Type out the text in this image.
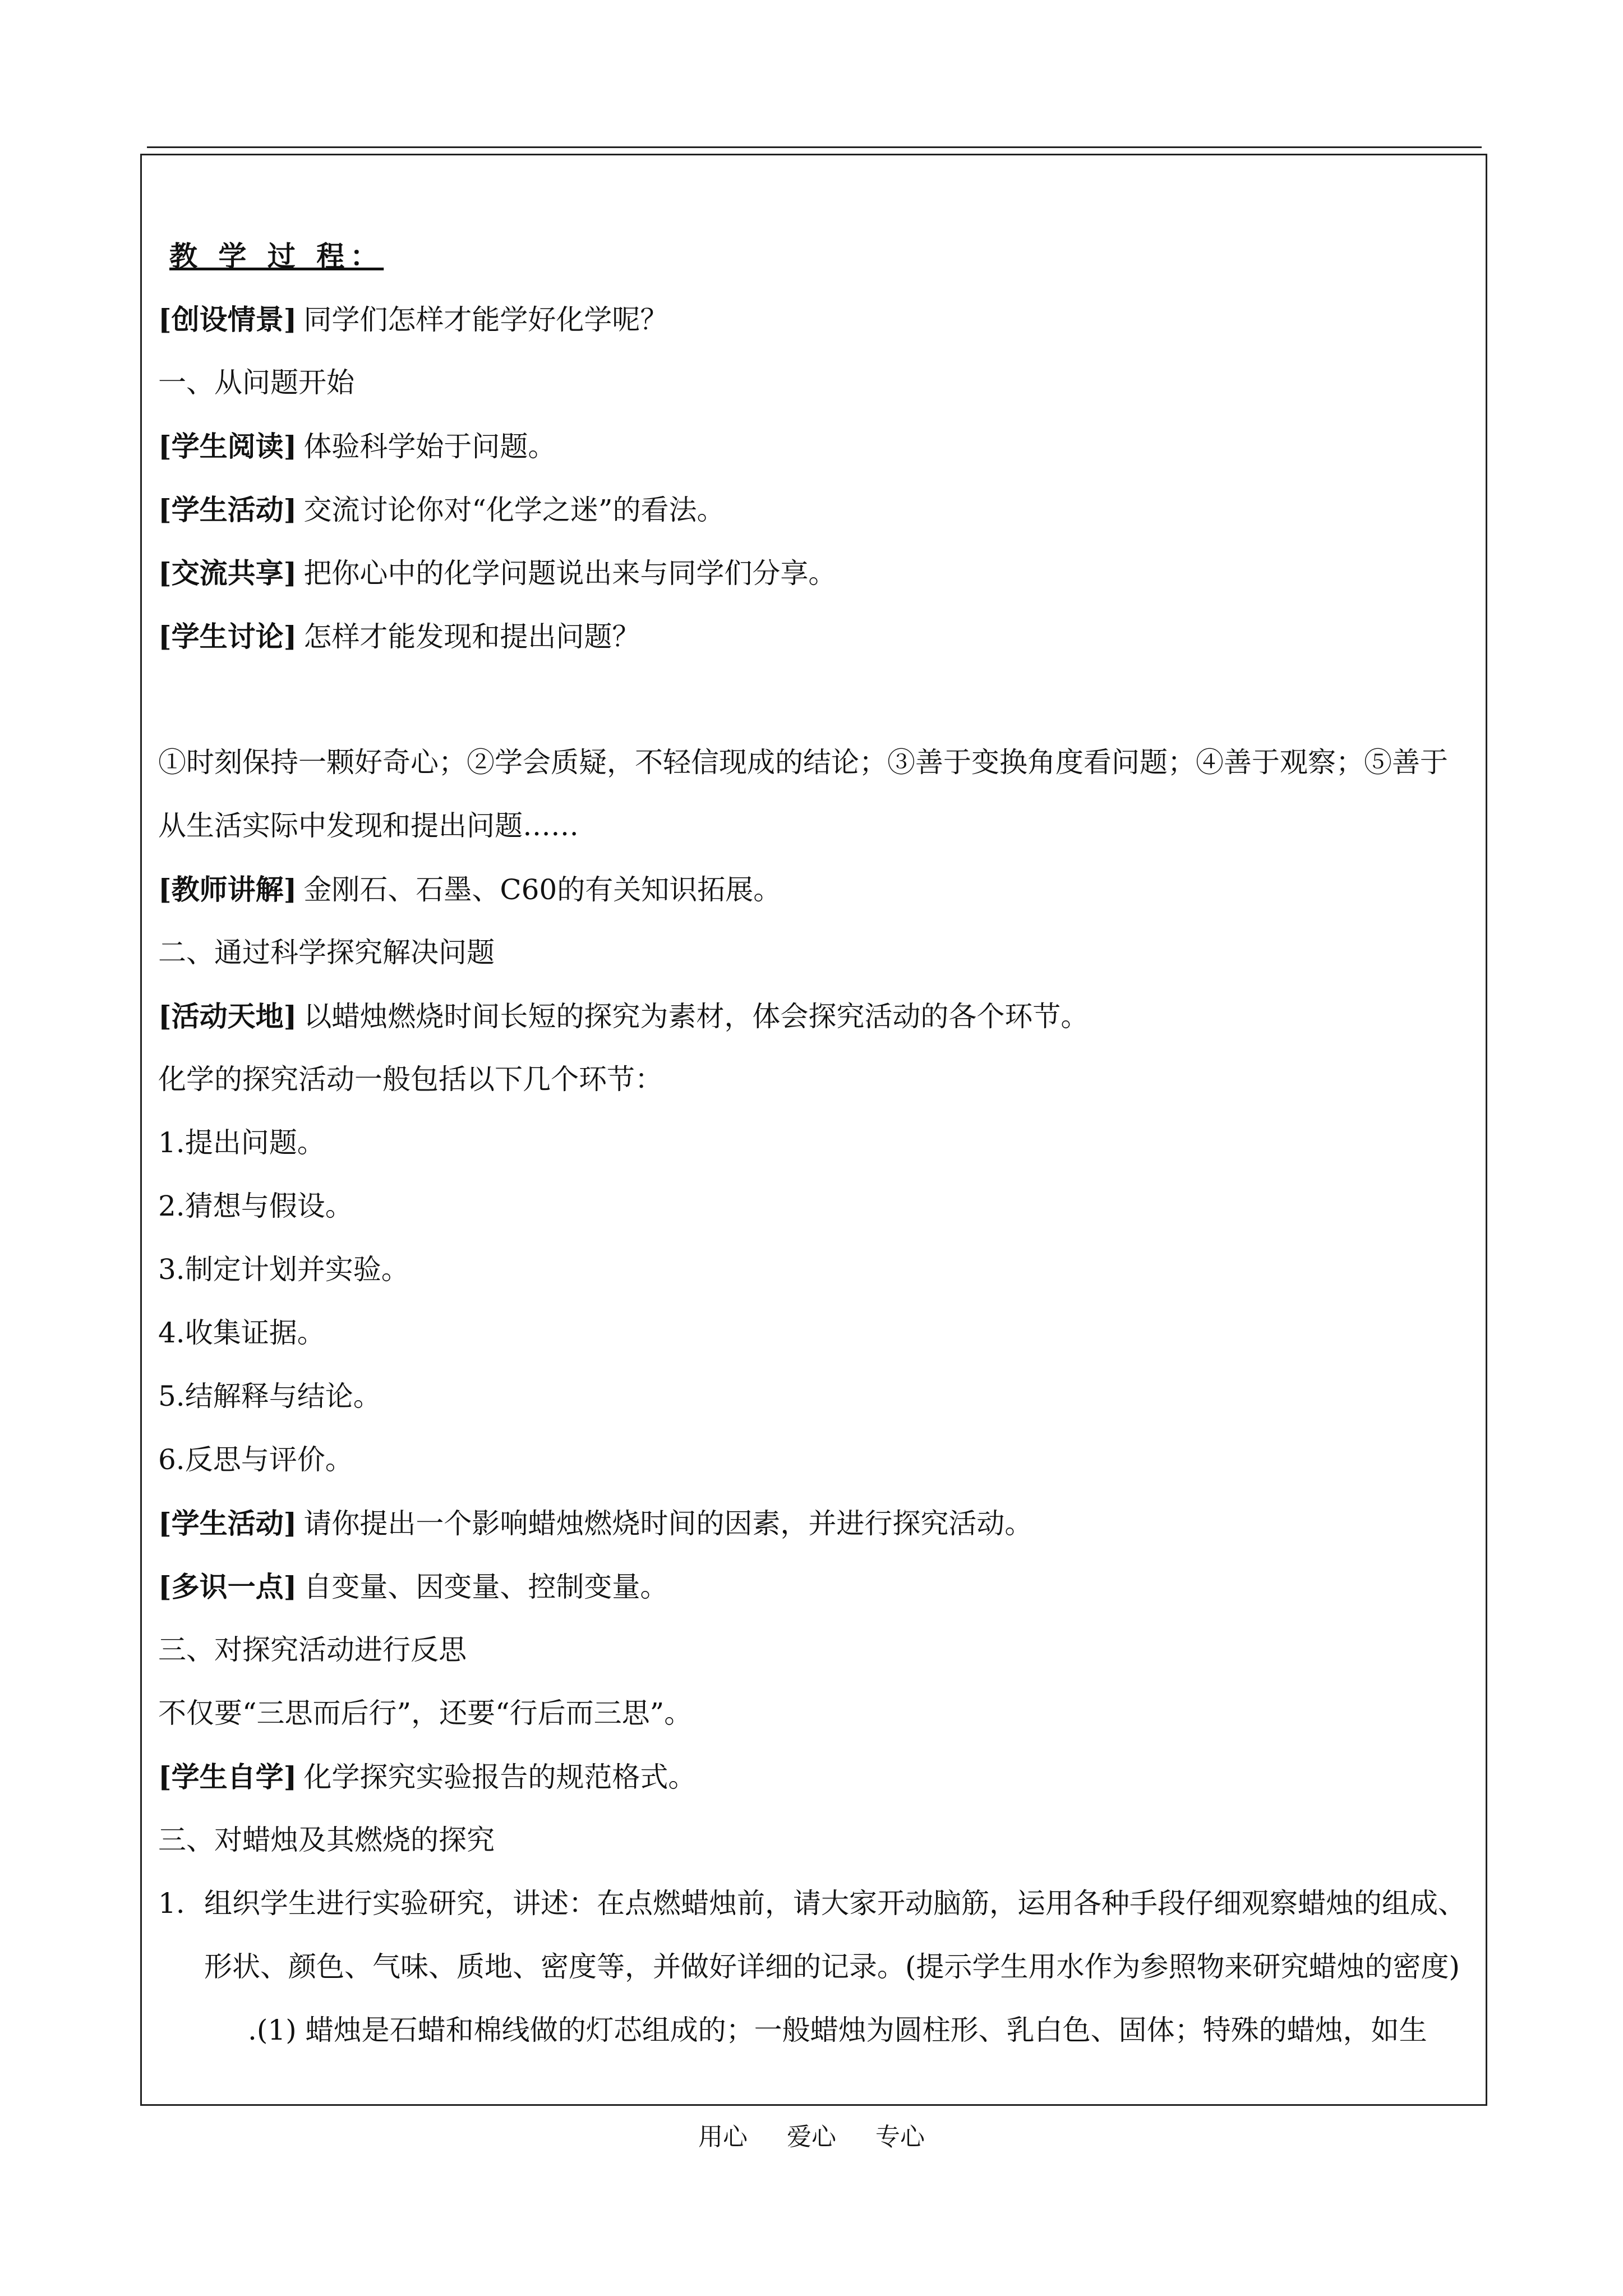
教 学 过 程：
[创设情景] 同学们怎样才能学好化学呢？
一、从问题开始
[学生阅读] 体验科学始于问题。
[学生活动] 交流讨论你对“化学之迷”的看法。
[交流共享] 把你心中的化学问题说出来与同学们分享。
[学生讨论] 怎样才能发现和提出问题？
①时刻保持一颗好奇心；②学会质疑，不轻信现成的结论；③善于变换角度看问题；④善于观察；⑤善于
从生活实际中发现和提出问题……
[教师讲解] 金刚石、石墨、C60的有关知识拓展。
二、通过科学探究解决问题
[活动天地] 以蜡烛燃烧时间长短的探究为素材，体会探究活动的各个环节。
化学的探究活动一般包括以下几个环节：
1.提出问题。
2.猜想与假设。
3.制定计划并实验。
4.收集证据。
5.结解释与结论。
6.反思与评价。
[学生活动] 请你提出一个影响蜡烛燃烧时间的因素，并进行探究活动。
[多识一点] 自变量、因变量、控制变量。
三、对探究活动进行反思
不仅要“三思而后行”，还要“行后而三思”。
[学生自学] 化学探究实验报告的规范格式。
三、对蜡烛及其燃烧的探究
1. 组织学生进行实验研究，讲述：在点燃蜡烛前，请大家开动脑筋，运用各种手段仔细观察蜡烛的组成、
形状、颜色、气味、质地、密度等，并做好详细的记录。(提示学生用水作为参照物来研究蜡烛的密度)
.(1) 蜡烛是石蜡和棉线做的灯芯组成的；一般蜡烛为圆柱形、乳白色、固体；特殊的蜡烛，如生
用心 爱心 专心
